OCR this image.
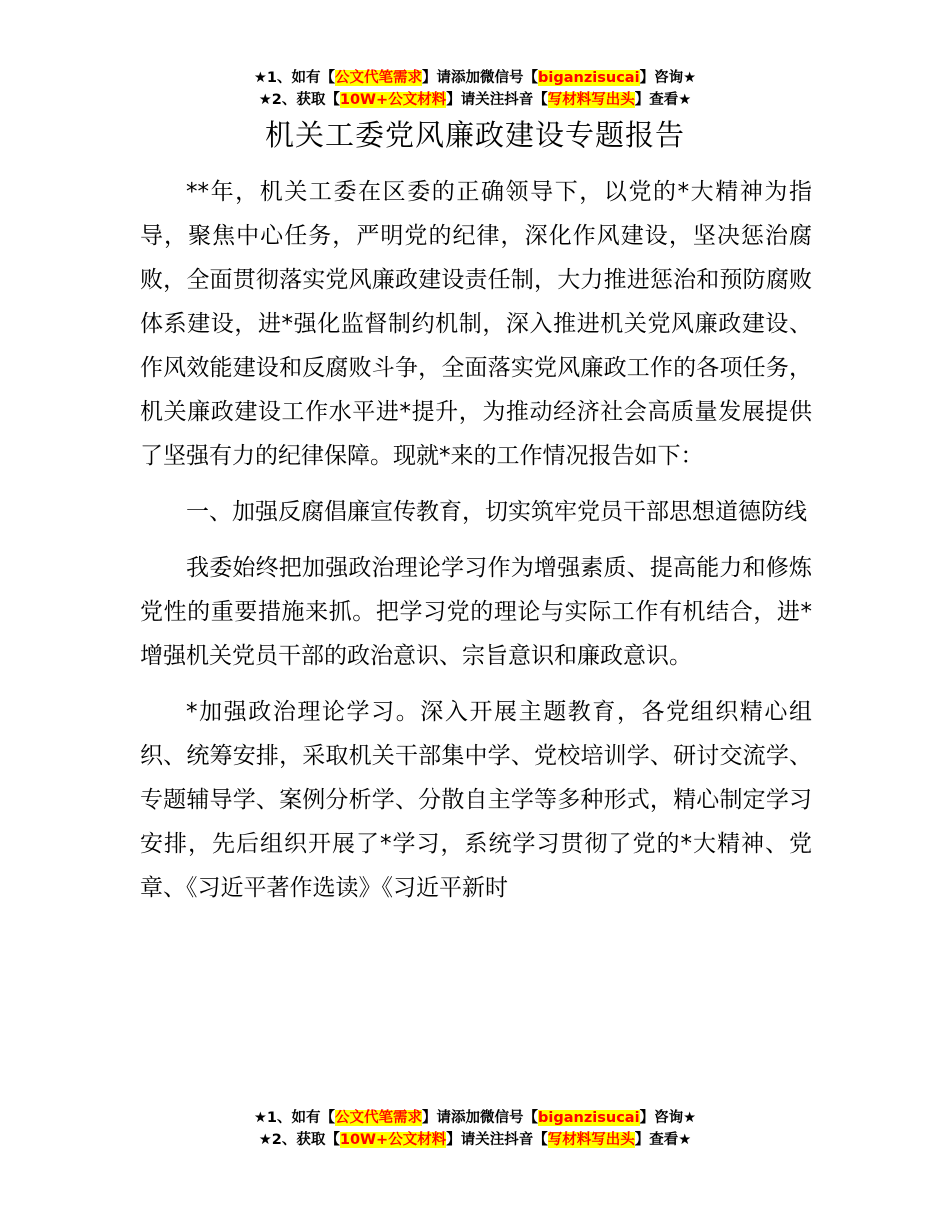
★1、如有【公文代笔需求】请添加微信号【biganzisucai】咨询★
★2、获取【10W+公文材料】请关注抖音【写材料写出头】查看★
机关工委党风廉政建设专题报告

**年，机关工委在区委的正确领导下，以党的*大精神为指导，聚焦中心任务，严明党的纪律，深化作风建设，坚决惩治腐败，全面贯彻落实党风廉政建设责任制，大力推进惩治和预防腐败体系建设，进*强化监督制约机制，深入推进机关党风廉政建设、作风效能建设和反腐败斗争，全面落实党风廉政工作的各项任务，机关廉政建设工作水平进*提升，为推动经济社会高质量发展提供了坚强有力的纪律保障。现就*来的工作情况报告如下：

一、加强反腐倡廉宣传教育，切实筑牢党员干部思想道德防线

我委始终把加强政治理论学习作为增强素质、提高能力和修炼党性的重要措施来抓。把学习党的理论与实际工作有机结合，进*增强机关党员干部的政治意识、宗旨意识和廉政意识。

*加强政治理论学习。深入开展主题教育，各党组织精心组织、统筹安排，采取机关干部集中学、党校培训学、研讨交流学、专题辅导学、案例分析学、分散自主学等多种形式，精心制定学习安排，先后组织开展了*学习，系统学习贯彻了党的*大精神、党章、《习近平著作选读》《习近平新时

★1、如有【公文代笔需求】请添加微信号【biganzisucai】咨询★
★2、获取【10W+公文材料】请关注抖音【写材料写出头】查看★
